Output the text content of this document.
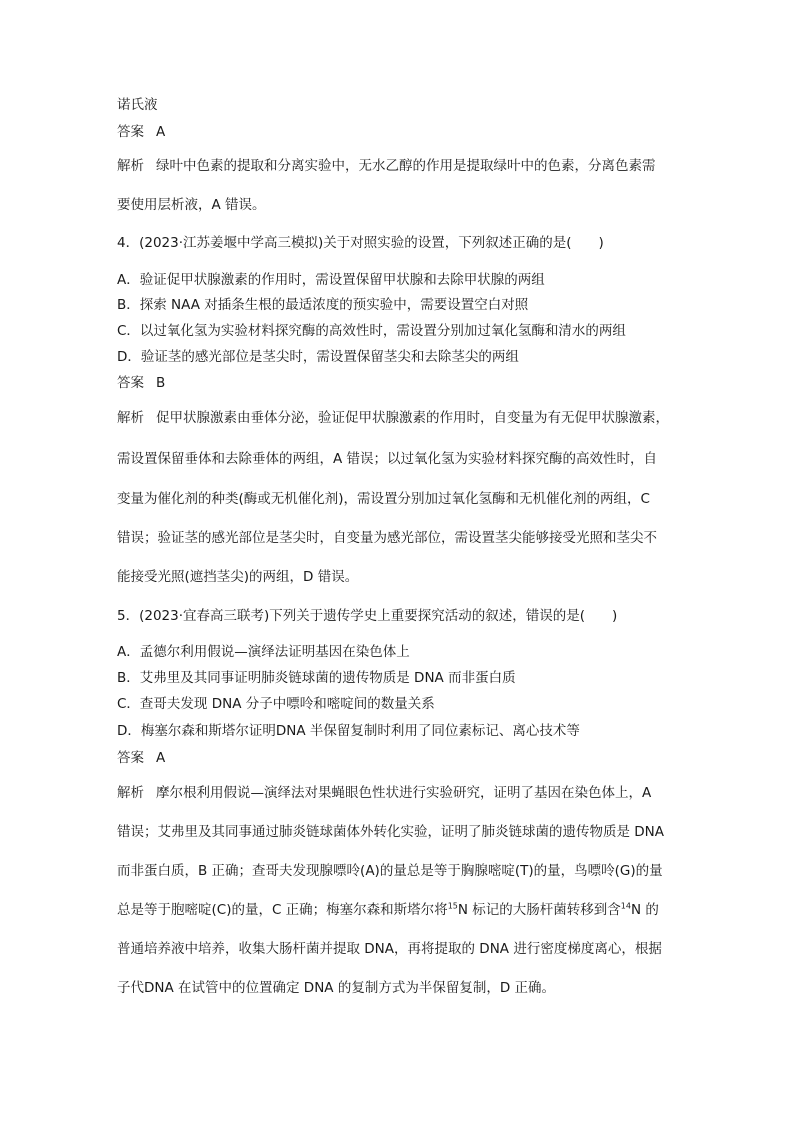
诺氏液
答案 A
解析 绿叶中色素的提取和分离实验中，无水乙醇的作用是提取绿叶中的色素，分离色素需
要使用层析液，A 错误。
4．(2023·江苏姜堰中学高三模拟)关于对照实验的设置，下列叙述正确的是(　　)
A．验证促甲状腺激素的作用时，需设置保留甲状腺和去除甲状腺的两组
B．探索 NAA 对插条生根的最适浓度的预实验中，需要设置空白对照
C．以过氧化氢为实验材料探究酶的高效性时，需设置分别加过氧化氢酶和清水的两组
D．验证茎的感光部位是茎尖时，需设置保留茎尖和去除茎尖的两组
答案 B
解析 促甲状腺激素由垂体分泌，验证促甲状腺激素的作用时，自变量为有无促甲状腺激素，
需设置保留垂体和去除垂体的两组，A 错误；以过氧化氢为实验材料探究酶的高效性时，自
变量为催化剂的种类(酶或无机催化剂)，需设置分别加过氧化氢酶和无机催化剂的两组，C
错误；验证茎的感光部位是茎尖时，自变量为感光部位，需设置茎尖能够接受光照和茎尖不
能接受光照(遮挡茎尖)的两组，D 错误。
5．(2023·宜春高三联考)下列关于遗传学史上重要探究活动的叙述，错误的是(　　)
A．孟德尔利用假说—演绎法证明基因在染色体上
B．艾弗里及其同事证明肺炎链球菌的遗传物质是 DNA 而非蛋白质
C．查哥夫发现 DNA 分子中嘌呤和嘧啶间的数量关系
D．梅塞尔森和斯塔尔证明DNA 半保留复制时利用了同位素标记、离心技术等
答案 A
解析 摩尔根利用假说—演绎法对果蝇眼色性状进行实验研究，证明了基因在染色体上，A
错误；艾弗里及其同事通过肺炎链球菌体外转化实验，证明了肺炎链球菌的遗传物质是 DNA
而非蛋白质，B 正确；查哥夫发现腺嘌呤(A)的量总是等于胸腺嘧啶(T)的量，鸟嘌呤(G)的量
总是等于胞嘧啶(C)的量，C 正确；梅塞尔森和斯塔尔将$^{15}$N 标记的大肠杆菌转移到含$^{14}$N 的
普通培养液中培养，收集大肠杆菌并提取 DNA，再将提取的 DNA 进行密度梯度离心，根据
子代DNA 在试管中的位置确定 DNA 的复制方式为半保留复制，D 正确。
